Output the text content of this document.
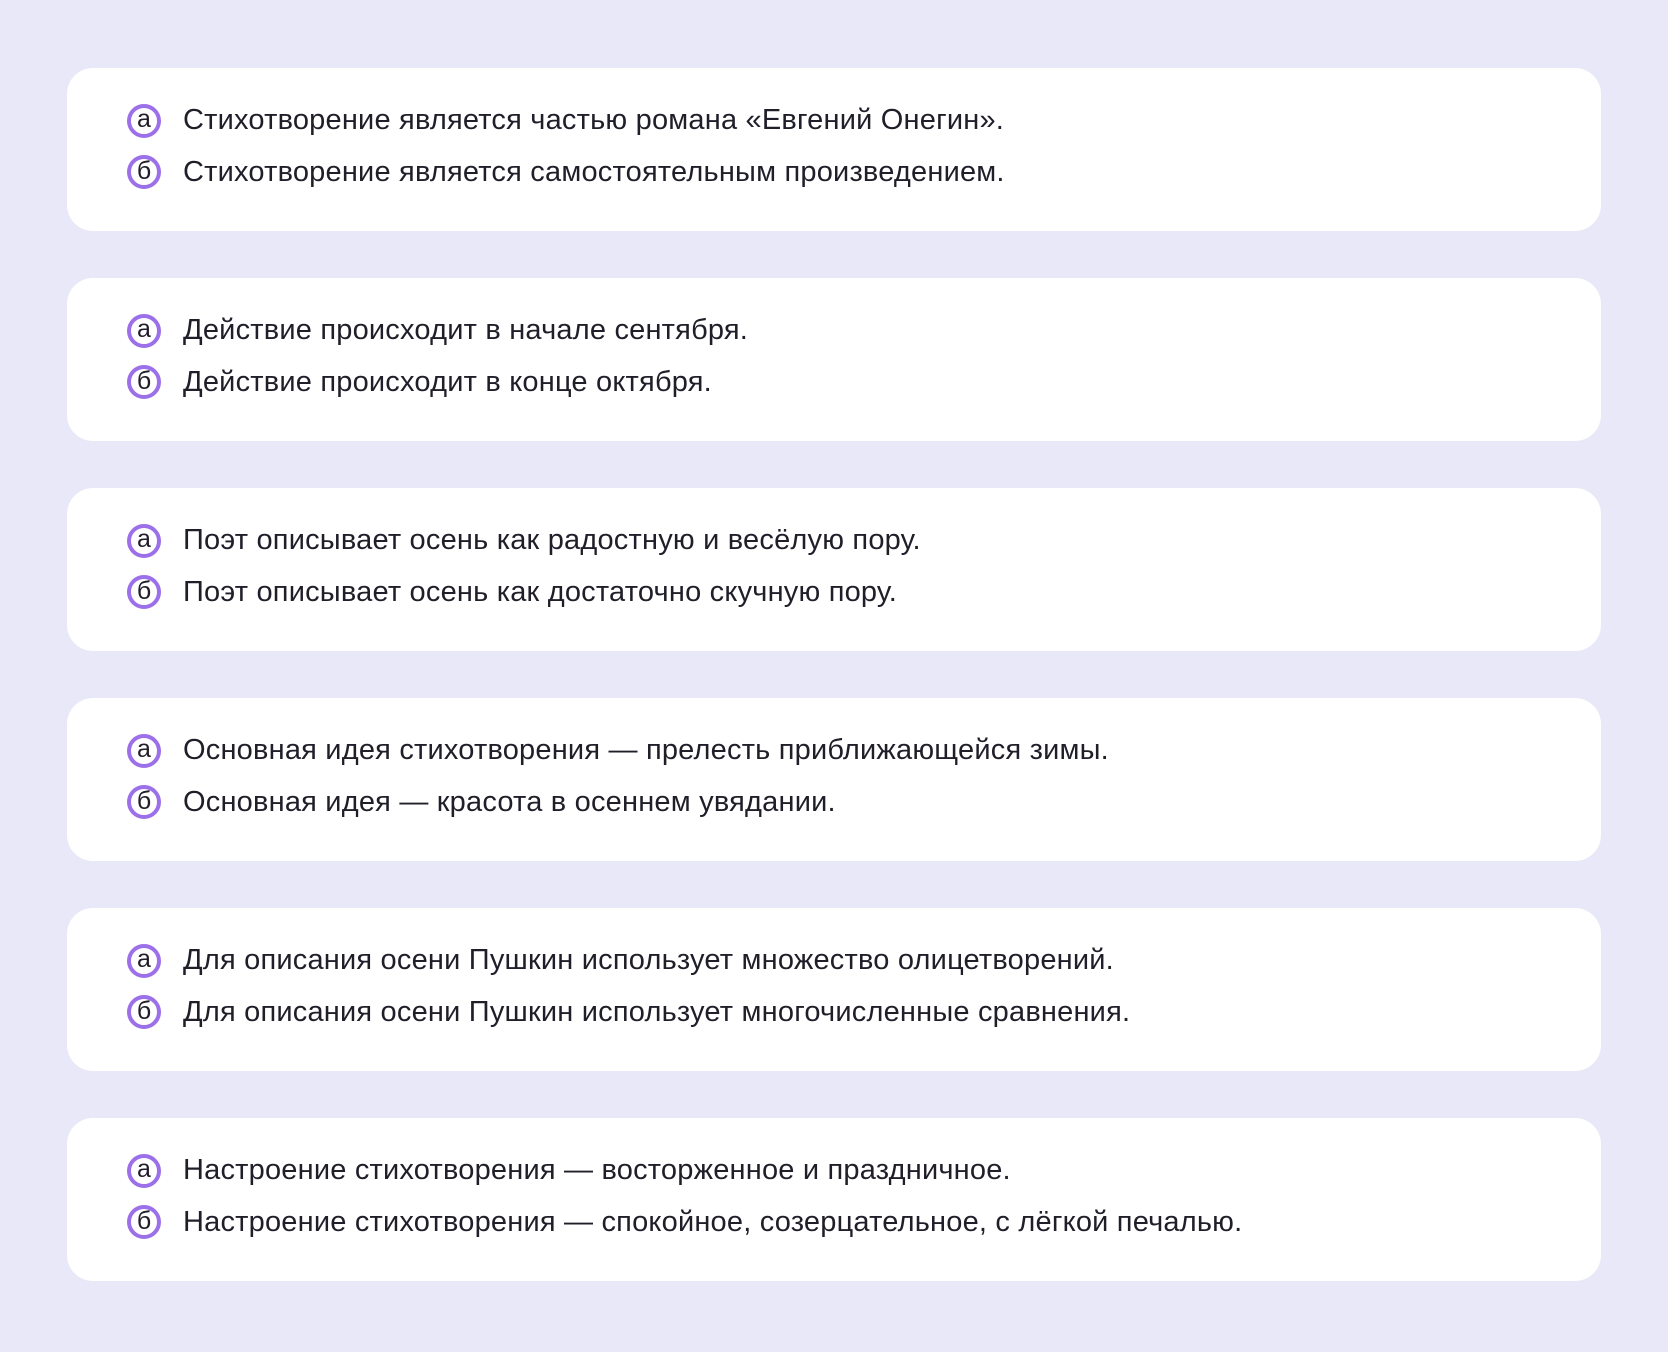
а	Стихотворение является частью романа «Евгений Онегин».
б	Стихотворение является самостоятельным произведением.
а	Действие происходит в начале сентября.
б	Действие происходит в конце октября.
а	Поэт описывает осень как радостную и весёлую пору.
б	Поэт описывает осень как достаточно скучную пору.
а	Основная идея стихотворения — прелесть приближающейся зимы.
б	Основная идея — красота в осеннем увядании.
а	Для описания осени Пушкин использует множество олицетворений.
б	Для описания осени Пушкин использует многочисленные сравнения.
а	Настроение стихотворения — восторженное и праздничное.
б	Настроение стихотворения — спокойное, созерцательное, с лёгкой печалью.
